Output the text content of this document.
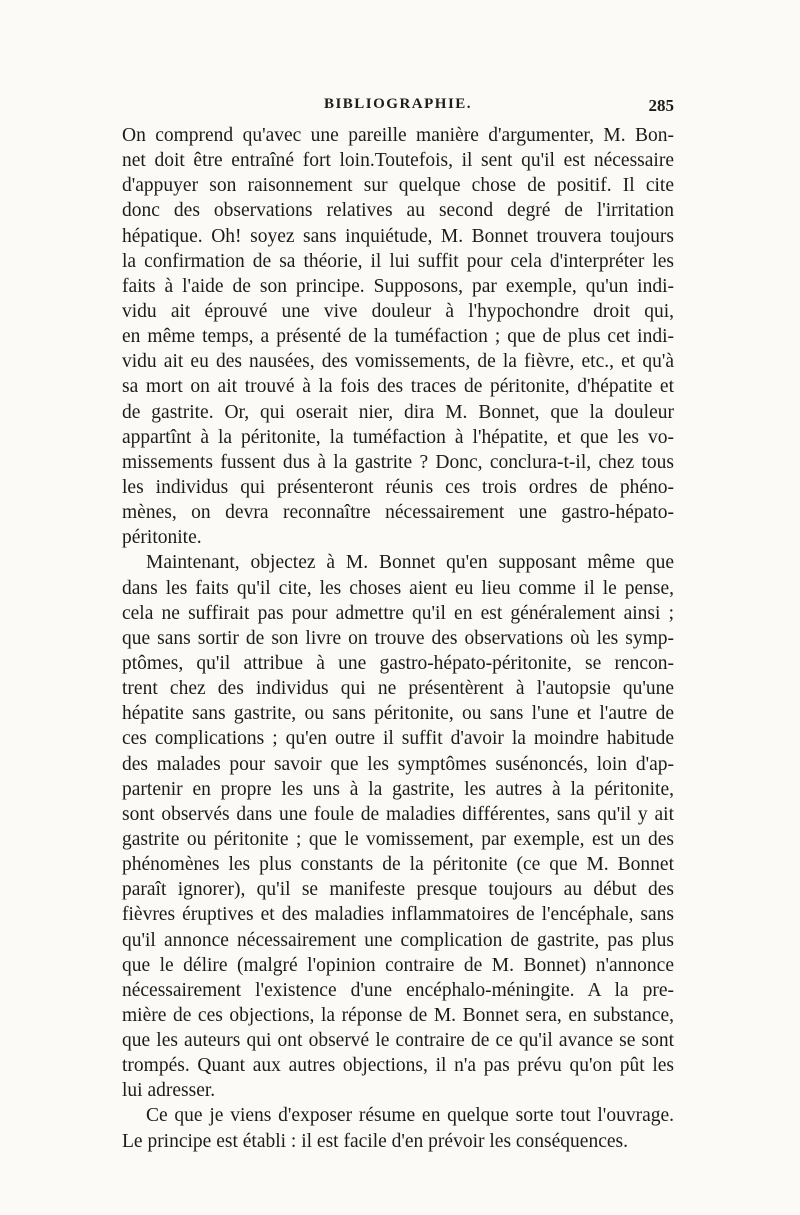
BIBLIOGRAPHIE.	285
On comprend qu'avec une pareille manière d'argumenter, M. Bon-
net doit être entraîné fort loin.Toutefois, il sent qu'il est nécessaire
d'appuyer son raisonnement sur quelque chose de positif. Il cite
donc des observations relatives au second degré de l'irritation
hépatique. Oh! soyez sans inquiétude, M. Bonnet trouvera toujours
la confirmation de sa théorie, il lui suffit pour cela d'interpréter les
faits à l'aide de son principe. Supposons, par exemple, qu'un indi-
vidu ait éprouvé une vive douleur à l'hypochondre droit qui,
en même temps, a présenté de la tuméfaction ; que de plus cet indi-
vidu ait eu des nausées, des vomissements, de la fièvre, etc., et qu'à
sa mort on ait trouvé à la fois des traces de péritonite, d'hépatite et
de gastrite. Or, qui oserait nier, dira M. Bonnet, que la douleur
appartînt à la péritonite, la tuméfaction à l'hépatite, et que les vo-
missements fussent dus à la gastrite ? Donc, conclura-t-il, chez tous
les individus qui présenteront réunis ces trois ordres de phéno-
mènes, on devra reconnaître nécessairement une gastro-hépato-
péritonite.
Maintenant, objectez à M. Bonnet qu'en supposant même que
dans les faits qu'il cite, les choses aient eu lieu comme il le pense,
cela ne suffirait pas pour admettre qu'il en est généralement ainsi ;
que sans sortir de son livre on trouve des observations où les symp-
ptômes, qu'il attribue à une gastro-hépato-péritonite, se rencon-
trent chez des individus qui ne présentèrent à l'autopsie qu'une
hépatite sans gastrite, ou sans péritonite, ou sans l'une et l'autre de
ces complications ; qu'en outre il suffit d'avoir la moindre habitude
des malades pour savoir que les symptômes susénoncés, loin d'ap-
partenir en propre les uns à la gastrite, les autres à la péritonite,
sont observés dans une foule de maladies différentes, sans qu'il y ait
gastrite ou péritonite ; que le vomissement, par exemple, est un des
phénomènes les plus constants de la péritonite (ce que M. Bonnet
paraît ignorer), qu'il se manifeste presque toujours au début des
fièvres éruptives et des maladies inflammatoires de l'encéphale, sans
qu'il annonce nécessairement une complication de gastrite, pas plus
que le délire (malgré l'opinion contraire de M. Bonnet) n'annonce
nécessairement l'existence d'une encéphalo-méningite. A la pre-
mière de ces objections, la réponse de M. Bonnet sera, en substance,
que les auteurs qui ont observé le contraire de ce qu'il avance se sont
trompés. Quant aux autres objections, il n'a pas prévu qu'on pût les
lui adresser.
Ce que je viens d'exposer résume en quelque sorte tout l'ouvrage.
Le principe est établi : il est facile d'en prévoir les conséquences.
